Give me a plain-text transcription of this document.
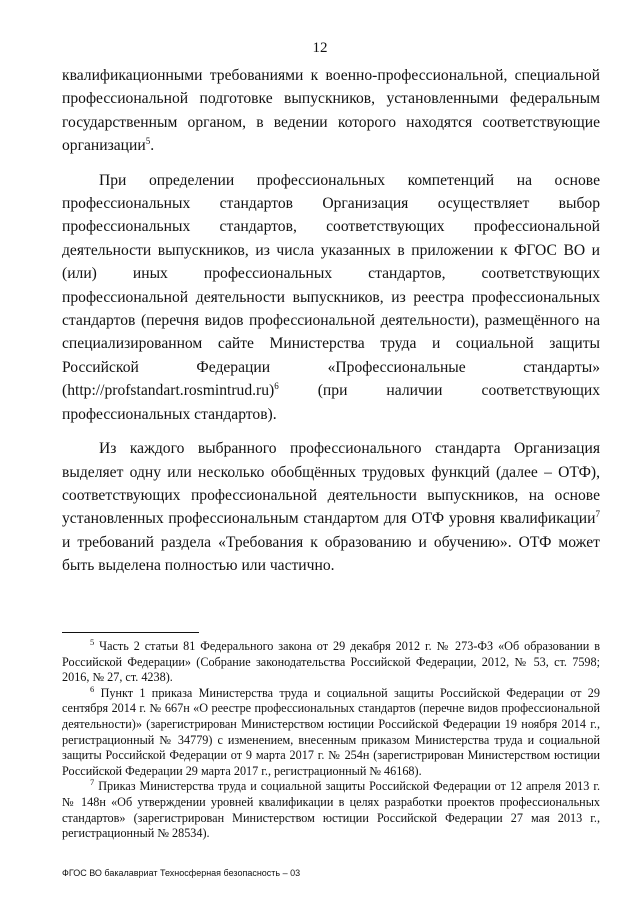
12

квалификационными требованиями к военно-профессиональной, специальной профессиональной подготовке выпускников, установленными федеральным государственным органом, в ведении которого находятся соответствующие организации$^5$.

При определении профессиональных компетенций на основе профессиональных стандартов Организация осуществляет выбор профессиональных стандартов, соответствующих профессиональной деятельности выпускников, из числа указанных в приложении к ФГОС ВО и (или) иных профессиональных стандартов, соответствующих профессиональной деятельности выпускников, из реестра профессиональных стандартов (перечня видов профессиональной деятельности), размещённого на специализированном сайте Министерства труда и социальной защиты Российской Федерации «Профессиональные стандарты» (http://profstandart.rosmintrud.ru)$^6$ (при наличии соответствующих профессиональных стандартов).

Из каждого выбранного профессионального стандарта Организация выделяет одну или несколько обобщённых трудовых функций (далее – ОТФ), соответствующих профессиональной деятельности выпускников, на основе установленных профессиональным стандартом для ОТФ уровня квалификации$^7$ и требований раздела «Требования к образованию и обучению». ОТФ может быть выделена полностью или частично.

$^5$ Часть 2 статьи 81 Федерального закона от 29 декабря 2012 г. № 273-ФЗ «Об образовании в Российской Федерации» (Собрание законодательства Российской Федерации, 2012, № 53, ст. 7598; 2016, № 27, ст. 4238).

$^6$ Пункт 1 приказа Министерства труда и социальной защиты Российской Федерации от 29 сентября 2014 г. № 667н «О реестре профессиональных стандартов (перечне видов профессиональной деятельности)» (зарегистрирован Министерством юстиции Российской Федерации 19 ноября 2014 г., регистрационный № 34779) с изменением, внесенным приказом Министерства труда и социальной защиты Российской Федерации от 9 марта 2017 г. № 254н (зарегистрирован Министерством юстиции Российской Федерации 29 марта 2017 г., регистрационный № 46168).

$^7$ Приказ Министерства труда и социальной защиты Российской Федерации от 12 апреля 2013 г. № 148н «Об утверждении уровней квалификации в целях разработки проектов профессиональных стандартов» (зарегистрирован Министерством юстиции Российской Федерации 27 мая 2013 г., регистрационный № 28534).

ФГОС ВО бакалавриат Техносферная безопасность – 03
